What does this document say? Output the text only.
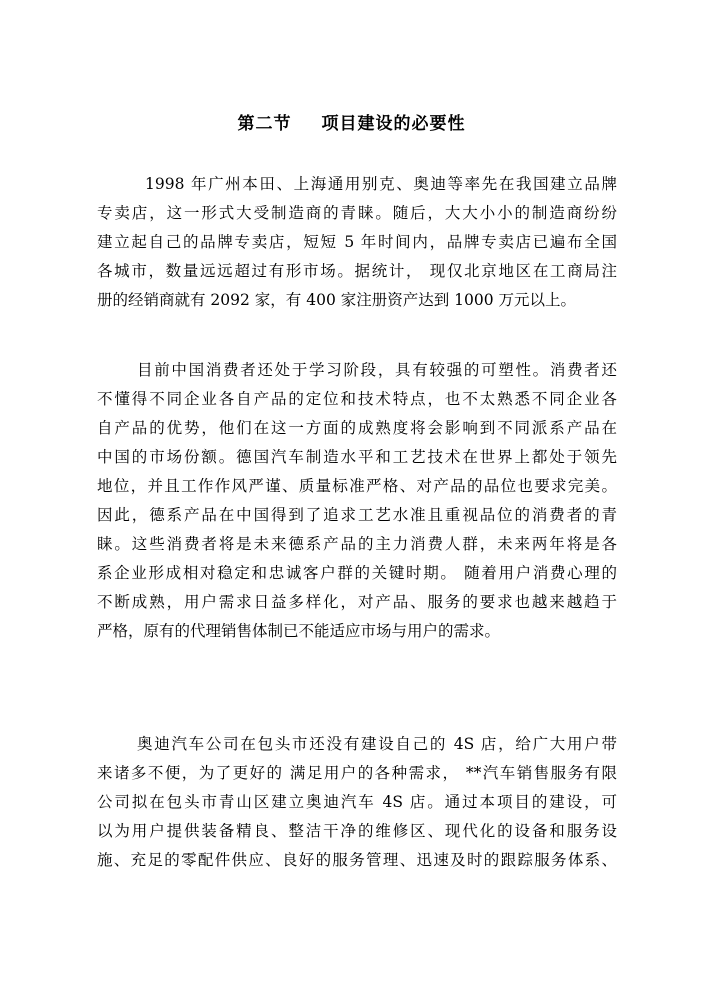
第二节 项目建设的必要性
1998 年广州本田、上海通用别克、奥迪等率先在我国建立品牌
专卖店，这一形式大受制造商的青睐。随后，大大小小的制造商纷纷
建立起自己的品牌专卖店，短短 5 年时间内，品牌专卖店已遍布全国
各城市，数量远远超过有形市场。据统计， 现仅北京地区在工商局注
册的经销商就有 2092 家，有 400 家注册资产达到 1000 万元以上。
目前中国消费者还处于学习阶段，具有较强的可塑性。消费者还
不懂得不同企业各自产品的定位和技术特点，也不太熟悉不同企业各
自产品的优势，他们在这一方面的成熟度将会影响到不同派系产品在
中国的市场份额。德国汽车制造水平和工艺技术在世界上都处于领先
地位，并且工作作风严谨、质量标准严格、对产品的品位也要求完美。
因此，德系产品在中国得到了追求工艺水准且重视品位的消费者的青
睐。这些消费者将是未来德系产品的主力消费人群，未来两年将是各
系企业形成相对稳定和忠诚客户群的关键时期。 随着用户消费心理的
不断成熟，用户需求日益多样化，对产品、服务的要求也越来越趋于
严格，原有的代理销售体制已不能适应市场与用户的需求。
奥迪汽车公司在包头市还没有建设自己的 4S 店，给广大用户带
来诸多不便，为了更好的 满足用户的各种需求， **汽车销售服务有限
公司拟在包头市青山区建立奥迪汽车 4S 店。通过本项目的建设，可
以为用户提供装备精良、整洁干净的维修区、现代化的设备和服务设
施、充足的零配件供应、良好的服务管理、迅速及时的跟踪服务体系、
